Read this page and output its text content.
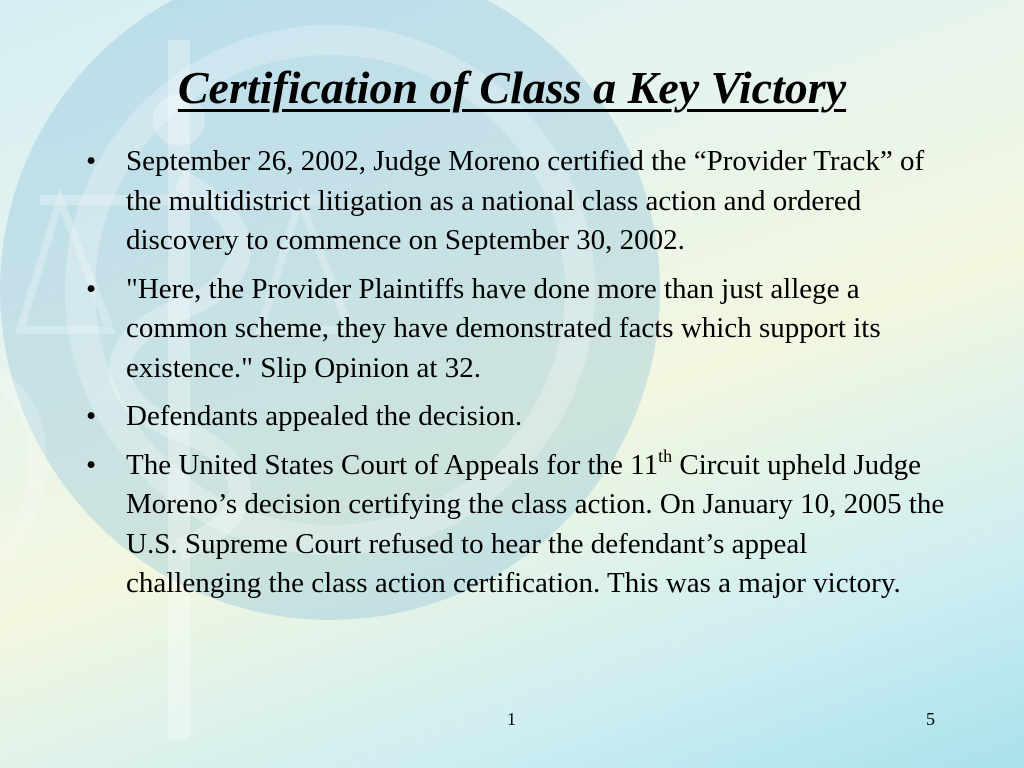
Certification of Class a Key Victory
• September 26, 2002, Judge Moreno certified the “Provider Track” of the multidistrict litigation as a national class action and ordered discovery to commence on September 30, 2002.
• "Here, the Provider Plaintiffs have done more than just allege a common scheme, they have demonstrated facts which support its existence." Slip Opinion at 32.
• Defendants appealed the decision.
• The United States Court of Appeals for the 11th Circuit upheld Judge Moreno’s decision certifying the class action. On January 10, 2005 the U.S. Supreme Court refused to hear the defendant’s appeal challenging the class action certification. This was a major victory.
1	5
